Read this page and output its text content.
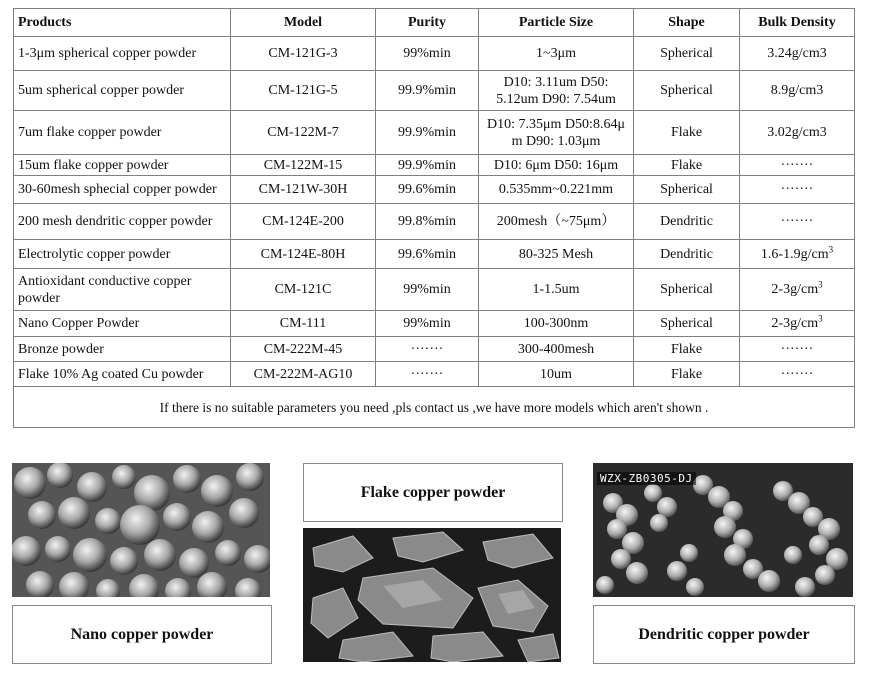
Products	Model	Purity	Particle Size	Shape	Bulk Density
1-3μm spherical copper powder	CM-121G-3	99%min	1~3μm	Spherical	3.24g/cm3
5um spherical copper powder	CM-121G-5	99.9%min	D10: 3.11um D50:
5.12um D90: 7.54um	Spherical	8.9g/cm3
7um flake copper powder	CM-122M-7	99.9%min	D10: 7.35μm D50:8.64μ
m D90: 1.03μm	Flake	3.02g/cm3
15um flake copper powder	CM-122M-15	99.9%min	D10: 6μm D50: 16μm	Flake	·······
30-60mesh sphecial copper powder	CM-121W-30H	99.6%min	0.535mm~0.221mm	Spherical	·······
200 mesh dendritic copper powder	CM-124E-200	99.8%min	200mesh（~75μm）	Dendritic	·······
Electrolytic copper powder	CM-124E-80H	99.6%min	80-325 Mesh	Dendritic	$1.6-1.9g/cm^3$

Antioxidant conductive copper
powder	CM-121C	99%min	1-1.5um	Spherical	$2-3g/cm^3$
Nano Copper Powder	CM-111	99%min	100-300nm	Spherical	$2-3g/cm^3$
Bronze powder	CM-222M-45	·······	300-400mesh	Flake	·······
Flake 10% Ag coated Cu powder	CM-222M-AG10	·······	10um	Flake	·······
If there is no suitable parameters you need ,pls contact us ,we have more models which aren't shown .					
Nano copper powder
Flake copper powder
WZX-ZB0305-DJ
Dendritic copper powder
